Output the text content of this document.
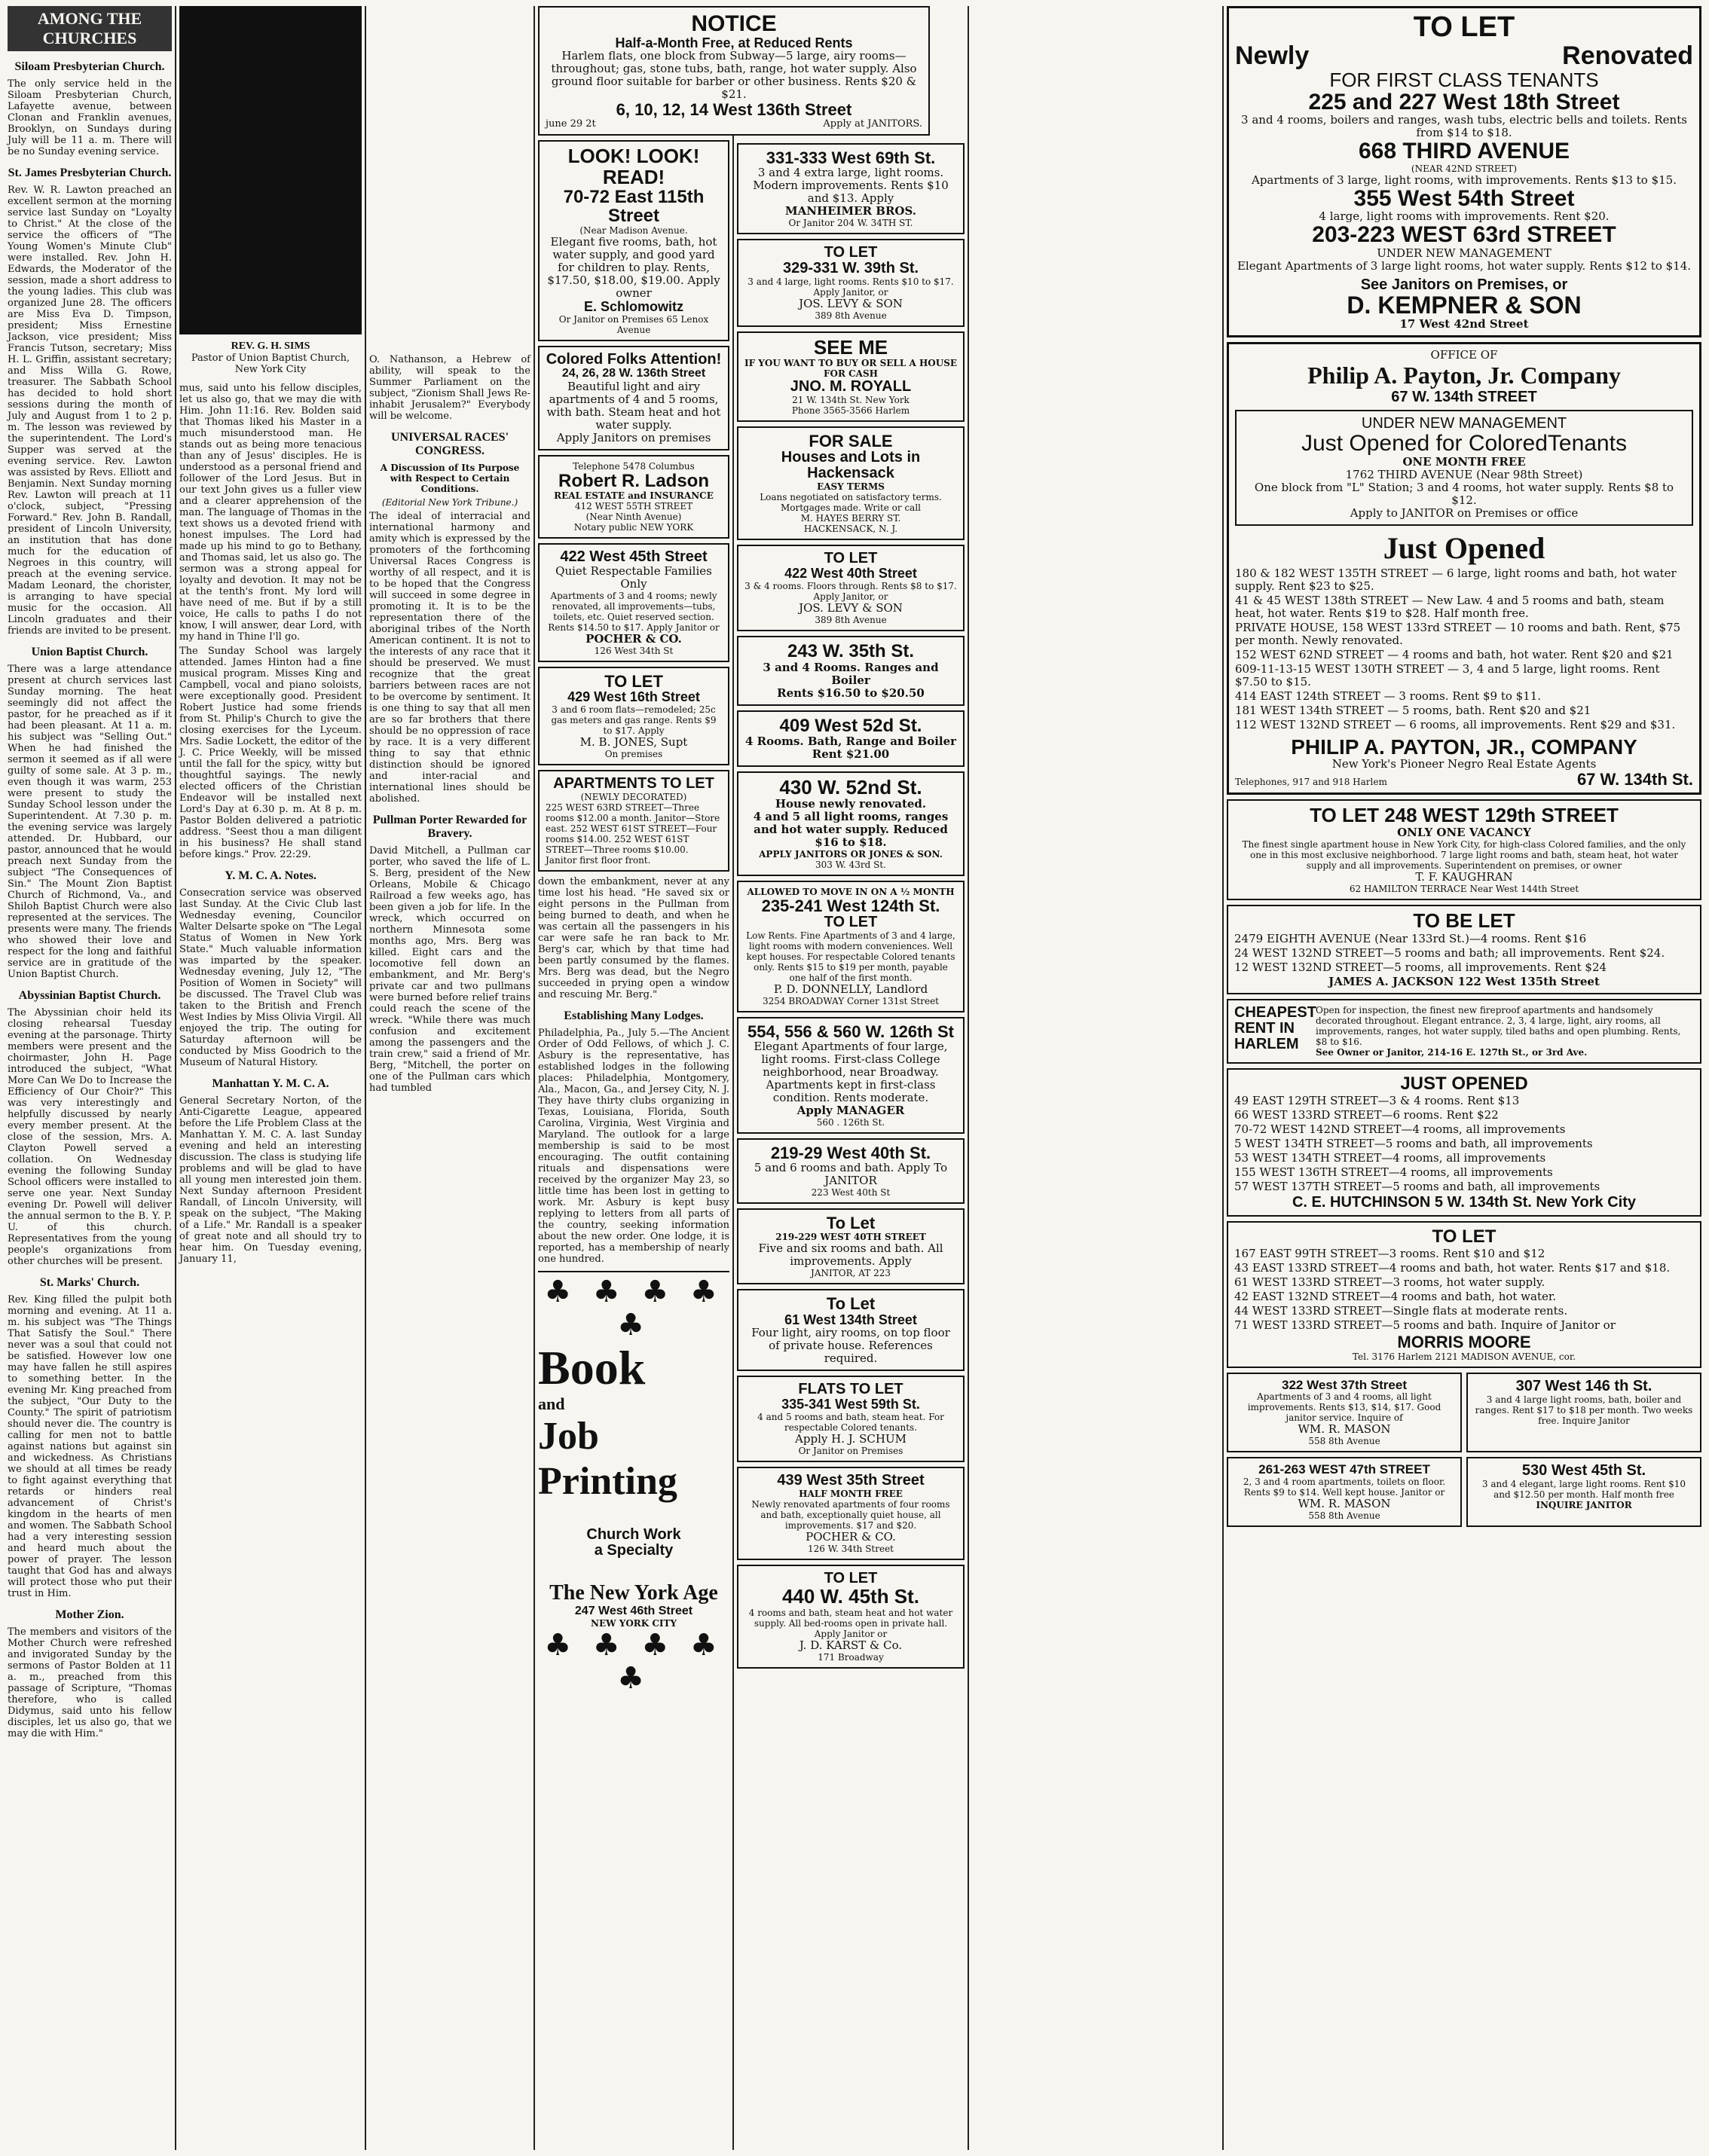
AMONG THE CHURCHES
Siloam Presbyterian Church.

The only service held in the Siloam Presbyterian Church, Lafayette avenue, between Clonan and Franklin avenues, Brooklyn, on Sundays during July will be 11 a. m. There will be no Sunday evening service.

St. James Presbyterian Church.

Rev. W. R. Lawton preached an excellent sermon at the morning service last Sunday on "Loyalty to Christ." At the close of the service the officers of "The Young Women's Minute Club" were installed. Rev. John H. Edwards, the Moderator of the session, made a short address to the young ladies. This club was organized June 28. The officers are Miss Eva D. Timpson, president; Miss Ernestine Jackson, vice president; Miss Francis Tutson, secretary; Miss H. L. Griffin, assistant secretary; and Miss Willa G. Rowe, treasurer. The Sabbath School has decided to hold short sessions during the month of July and August from 1 to 2 p. m. The lesson was reviewed by the superintendent. The Lord's Supper was served at the evening service. Rev. Lawton was assisted by Revs. Elliott and Benjamin. Next Sunday morning Rev. Lawton will preach at 11 o'clock, subject, "Pressing Forward." Rev. John B. Randall, president of Lincoln University, an institution that has done much for the education of Negroes in this country, will preach at the evening service. Madam Leonard, the chorister, is arranging to have special music for the occasion. All Lincoln graduates and their friends are invited to be present.

Union Baptist Church.

There was a large attendance present at church services last Sunday morning. The heat seemingly did not affect the pastor, for he preached as if it had been pleasant. At 11 a. m. his subject was "Selling Out." When he had finished the sermon it seemed as if all were guilty of some sale. At 3 p. m., even though it was warm, 253 were present to study the Sunday School lesson under the Superintendent. At 7.30 p. m. the evening service was largely attended. Dr. Hubbard, our pastor, announced that he would preach next Sunday from the subject "The Consequences of Sin." The Mount Zion Baptist Church of Richmond, Va., and Shiloh Baptist Church were also represented at the services. The presents were many. The friends who showed their love and respect for the long and faithful service are in gratitude of the Union Baptist Church.

Abyssinian Baptist Church.

The Abyssinian choir held its closing rehearsal Tuesday evening at the parsonage. Thirty members were present and the choirmaster, John H. Page introduced the subject, "What More Can We Do to Increase the Efficiency of Our Choir?" This was very interestingly and helpfully discussed by nearly every member present. At the close of the session, Mrs. A. Clayton Powell served a collation. On Wednesday evening the following Sunday School officers were installed to serve one year. Next Sunday evening Dr. Powell will deliver the annual sermon to the B. Y. P. U. of this church. Representatives from the young people's organizations from other churches will be present.

St. Marks' Church.

Rev. King filled the pulpit both morning and evening. At 11 a. m. his subject was "The Things That Satisfy the Soul." There never was a soul that could not be satisfied. However low one may have fallen he still aspires to something better. In the evening Mr. King preached from the subject, "Our Duty to the County." The spirit of patriotism should never die. The country is calling for men not to battle against nations but against sin and wickedness. As Christians we should at all times be ready to fight against everything that retards or hinders real advancement of Christ's kingdom in the hearts of men and women. The Sabbath School had a very interesting session and heard much about the power of prayer. The lesson taught that God has and always will protect those who put their trust in Him.

Mother Zion.

The members and visitors of the Mother Church were refreshed and invigorated Sunday by the sermons of Pastor Bolden at 11 a. m., preached from this passage of Scripture, "Thomas therefore, who is called Didymus, said unto his fellow disciples, let us also go, that we may die with Him."

REV. G. H. SIMS
Pastor of Union Baptist Church, New York City

mus, said unto his fellow disciples, let us also go, that we may die with Him. John 11:16. Rev. Bolden said that Thomas liked his Master in a much misunderstood man. He stands out as being more tenacious than any of Jesus' disciples. He is understood as a personal friend and follower of the Lord Jesus. But in our text John gives us a fuller view and a clearer apprehension of the man. The language of Thomas in the text shows us a devoted friend with honest impulses. The Lord had made up his mind to go to Bethany, and Thomas said, let us also go. The sermon was a strong appeal for loyalty and devotion. It may not be at the tenth's front. My lord will have need of me. But if by a still voice, He calls to paths I do not know, I will answer, dear Lord, with my hand in Thine I'll go.

The Sunday School was largely attended. James Hinton had a fine musical program. Misses King and Campbell, vocal and piano soloists, were exceptionally good. President Robert Justice had some friends from St. Philip's Church to give the closing exercises for the Lyceum. Mrs. Sadie Lockett, the editor of the J. C. Price Weekly, will be missed until the fall for the spicy, witty but thoughtful sayings. The newly elected officers of the Christian Endeavor will be installed next Lord's Day at 6.30 p. m. At 8 p. m. Pastor Bolden delivered a patriotic address. "Seest thou a man diligent in his business? He shall stand before kings." Prov. 22:29.

Y. M. C. A. Notes.

Consecration service was observed last Sunday. At the Civic Club last Wednesday evening, Councilor Walter Delsarte spoke on "The Legal Status of Women in New York State." Much valuable information was imparted by the speaker. Wednesday evening, July 12, "The Position of Women in Society" will be discussed. The Travel Club was taken to the British and French West Indies by Miss Olivia Virgil. All enjoyed the trip. The outing for Saturday afternoon will be conducted by Miss Goodrich to the Museum of Natural History.

Manhattan Y. M. C. A.

General Secretary Norton, of the Anti-Cigarette League, appeared before the Life Problem Class at the Manhattan Y. M. C. A. last Sunday evening and held an interesting discussion. The class is studying life problems and will be glad to have all young men interested join them. Next Sunday afternoon President Randall, of Lincoln University, will speak on the subject, "The Making of a Life." Mr. Randall is a speaker of great note and all should try to hear him. On Tuesday evening, January 11,

O. Nathanson, a Hebrew of ability, will speak to the Summer Parliament on the subject, "Zionism Shall Jews Re-inhabit Jerusalem?" Everybody will be welcome.

UNIVERSAL RACES' CONGRESS.
A Discussion of Its Purpose with Respect to Certain Conditions.
(Editorial New York Tribune.)

The ideal of interracial and international harmony and amity which is expressed by the promoters of the forthcoming Universal Races Congress is worthy of all respect, and it is to be hoped that the Congress will succeed in some degree in promoting it. It is to be the representation there of the aboriginal tribes of the North American continent. It is not to the interests of any race that it should be preserved. We must recognize that the great barriers between races are not to be overcome by sentiment. It is one thing to say that all men are so far brothers that there should be no oppression of race by race. It is a very different thing to say that ethnic distinction should be ignored and inter-racial and international lines should be abolished.

Pullman Porter Rewarded for Bravery.

David Mitchell, a Pullman car porter, who saved the life of L. S. Berg, president of the New Orleans, Mobile & Chicago Railroad a few weeks ago, has been given a job for life. In the wreck, which occurred on northern Minnesota some months ago, Mrs. Berg was killed. Eight cars and the locomotive fell down an embankment, and Mr. Berg's private car and two pullmans were burned before relief trains could reach the scene of the wreck. "While there was much confusion and excitement among the passengers and the train crew," said a friend of Mr. Berg, "Mitchell, the porter on one of the Pullman cars which had tumbled

NOTICE
Half-a-Month Free, at Reduced Rents
Harlem flats, one block from Subway—5 large, airy rooms—throughout; gas, stone tubs, bath, range, hot water supply. Also ground floor suitable for barber or other business. Rents $20 & $21.
6, 10, 12, 14 West 136th Street
june 29 2t	Apply at JANITORS.
LOOK! LOOK! READ!
70-72 East 115th Street
(Near Madison Avenue.
Elegant five rooms, bath, hot water supply, and good yard for children to play. Rents, $17.50, $18.00, $19.00. Apply owner
E. Schlomowitz
Or Janitor on Premises 65 Lenox Avenue
Colored Folks Attention!
24, 26, 28 W. 136th Street
Beautiful light and airy apartments of 4 and 5 rooms, with bath. Steam heat and hot water supply.
Apply Janitors on premises
Telephone 5478 Columbus
Robert R. Ladson
REAL ESTATE and INSURANCE
412 WEST 55TH STREET
(Near Ninth Avenue)
Notary public NEW YORK
422 West 45th Street
Quiet Respectable Families Only
Apartments of 3 and 4 rooms; newly renovated, all improvements—tubs, toilets, etc. Quiet reserved section. Rents $14.50 to $17. Apply Janitor or
POCHER & CO.
126 West 34th St
TO LET
429 West 16th Street
3 and 6 room flats—remodeled; 25c gas meters and gas range. Rents $9 to $17. Apply
M. B. JONES, Supt
On premises
APARTMENTS TO LET
(NEWLY DECORATED)
225 WEST 63RD STREET—Three rooms $12.00 a month. Janitor—Store east. 252 WEST 61ST STREET—Four rooms $14.00. 252 WEST 61ST STREET—Three rooms $10.00. Janitor first floor front.

down the embankment, never at any time lost his head. "He saved six or eight persons in the Pullman from being burned to death, and when he was certain all the passengers in his car were safe he ran back to Mr. Berg's car, which by that time had been partly consumed by the flames. Mrs. Berg was dead, but the Negro succeeded in prying open a window and rescuing Mr. Berg."

Establishing Many Lodges.

Philadelphia, Pa., July 5.—The Ancient Order of Odd Fellows, of which J. C. Asbury is the representative, has established lodges in the following places: Philadelphia, Montgomery, Ala., Macon, Ga., and Jersey City, N. J. They have thirty clubs organizing in Texas, Louisiana, Florida, South Carolina, Virginia, West Virginia and Maryland. The outlook for a large membership is said to be most encouraging. The outfit containing rituals and dispensations were received by the organizer May 23, so little time has been lost in getting to work. Mr. Asbury is kept busy replying to letters from all parts of the country, seeking information about the new order. One lodge, it is reported, has a membership of nearly one hundred.

♣ ♣ ♣ ♣ ♣
Book
and
Job Printing
Church Work
a Specialty
The New York Age
247 West 46th Street
NEW YORK CITY
♣ ♣ ♣ ♣ ♣
331-333 West 69th St.
3 and 4 extra large, light rooms. Modern improvements. Rents $10 and $13. Apply
MANHEIMER BROS.
Or Janitor 204 W. 34TH ST.
TO LET
329-331 W. 39th St.
3 and 4 large, light rooms. Rents $10 to $17. Apply Janitor, or
JOS. LEVY & SON
389 8th Avenue
SEE ME
IF YOU WANT TO BUY OR SELL A HOUSE FOR CASH
JNO. M. ROYALL
21 W. 134th St. New York
Phone 3565-3566 Harlem
FOR SALE
Houses and Lots in Hackensack
EASY TERMS
Loans negotiated on satisfactory terms. Mortgages made. Write or call
M. HAYES BERRY ST.
HACKENSACK, N. J.
TO LET
422 West 40th Street
3 & 4 rooms. Floors through. Rents $8 to $17. Apply Janitor, or
JOS. LEVY & SON
389 8th Avenue
243 W. 35th St.
3 and 4 Rooms. Ranges and Boiler
Rents $16.50 to $20.50
409 West 52d St.
4 Rooms. Bath, Range and Boiler
Rent $21.00
430 W. 52nd St.
House newly renovated.
4 and 5 all light rooms, ranges and hot water supply. Reduced $16 to $18.
APPLY JANITORS OR JONES & SON.
303 W. 43rd St.
ALLOWED TO MOVE IN ON A ½ MONTH
235-241 West 124th St.
TO LET
Low Rents. Fine Apartments of 3 and 4 large, light rooms with modern conveniences. Well kept houses. For respectable Colored tenants only. Rents $15 to $19 per month, payable one half of the first month.
P. D. DONNELLY, Landlord
3254 BROADWAY Corner 131st Street
554, 556 & 560 W. 126th St
Elegant Apartments of four large, light rooms. First-class College neighborhood, near Broadway. Apartments kept in first-class condition. Rents moderate.
Apply MANAGER
560 . 126th St.
219-29 West 40th St.
5 and 6 rooms and bath. Apply To JANITOR
223 West 40th St
To Let
219-229 WEST 40TH STREET
Five and six rooms and bath. All improvements. Apply
JANITOR, AT 223
To Let
61 West 134th Street
Four light, airy rooms, on top floor of private house. References required.
FLATS TO LET
335-341 West 59th St.
4 and 5 rooms and bath, steam heat. For respectable Colored tenants.
Apply H. J. SCHUM
Or Janitor on Premises
439 West 35th Street
HALF MONTH FREE
Newly renovated apartments of four rooms and bath, exceptionally quiet house, all improvements. $17 and $20.
POCHER & CO.
126 W. 34th Street
TO LET
440 W. 45th St.
4 rooms and bath, steam heat and hot water supply. All bed-rooms open in private hall. Apply Janitor or
J. D. KARST & Co.
171 Broadway
TO LET
Newly	Renovated
FOR FIRST CLASS TENANTS
225 and 227 West 18th Street
3 and 4 rooms, boilers and ranges, wash tubs, electric bells and toilets. Rents from $14 to $18.
668 THIRD AVENUE
(NEAR 42ND STREET)
Apartments of 3 large, light rooms, with improvements. Rents $13 to $15.
355 West 54th Street
4 large, light rooms with improvements. Rent $20.
203-223 WEST 63rd STREET
UNDER NEW MANAGEMENT
Elegant Apartments of 3 large light rooms, hot water supply. Rents $12 to $14.
See Janitors on Premises, or
D. KEMPNER & SON
17 West 42nd Street
OFFICE OF
Philip A. Payton, Jr. Company
67 W. 134th STREET
UNDER NEW MANAGEMENT
Just Opened for ColoredTenants
ONE MONTH FREE
1762 THIRD AVENUE (Near 98th Street)
One block from "L" Station; 3 and 4 rooms, hot water supply. Rents $8 to $12.
Apply to JANITOR on Premises or office
Just Opened
180 & 182 WEST 135TH STREET — 6 large, light rooms and bath, hot water supply. Rent $23 to $25.
41 & 45 WEST 138th STREET — New Law. 4 and 5 rooms and bath, steam heat, hot water. Rents $19 to $28. Half month free.
PRIVATE HOUSE, 158 WEST 133rd STREET — 10 rooms and bath. Rent, $75 per month. Newly renovated.
152 WEST 62ND STREET — 4 rooms and bath, hot water. Rent $20 and $21
609-11-13-15 WEST 130TH STREET — 3, 4 and 5 large, light rooms. Rent $7.50 to $15.
414 EAST 124th STREET — 3 rooms. Rent $9 to $11.
181 WEST 134th STREET — 5 rooms, bath. Rent $20 and $21
112 WEST 132ND STREET — 6 rooms, all improvements. Rent $29 and $31.
PHILIP A. PAYTON, JR., COMPANY
New York's Pioneer Negro Real Estate Agents
Telephones, 917 and 918 Harlem	67 W. 134th St.
TO LET 248 WEST 129th STREET
ONLY ONE VACANCY
The finest single apartment house in New York City, for high-class Colored families, and the only one in this most exclusive neighborhood. 7 large light rooms and bath, steam heat, hot water supply and all improvements. Superintendent on premises, or owner
T. F. KAUGHRAN
62 HAMILTON TERRACE Near West 144th Street
TO BE LET
2479 EIGHTH AVENUE (Near 133rd St.)—4 rooms. Rent $16
24 WEST 132ND STREET—5 rooms and bath; all improvements. Rent $24.
12 WEST 132ND STREET—5 rooms, all improvements. Rent $24
JAMES A. JACKSON 122 West 135th Street
CHEAPEST RENT IN HARLEM
Open for inspection, the finest new fireproof apartments and handsomely decorated throughout. Elegant entrance. 2, 3, 4 large, light, airy rooms, all improvements, ranges, hot water supply, tiled baths and open plumbing. Rents, $8 to $16.
See Owner or Janitor, 214-16 E. 127th St., or 3rd Ave.
JUST OPENED
49 EAST 129TH STREET—3 & 4 rooms. Rent $13
66 WEST 133RD STREET—6 rooms. Rent $22
70-72 WEST 142ND STREET—4 rooms, all improvements
5 WEST 134TH STREET—5 rooms and bath, all improvements
53 WEST 134TH STREET—4 rooms, all improvements
155 WEST 136TH STREET—4 rooms, all improvements
57 WEST 137TH STREET—5 rooms and bath, all improvements
C. E. HUTCHINSON 5 W. 134th St. New York City
TO LET
167 EAST 99TH STREET—3 rooms. Rent $10 and $12
43 EAST 133RD STREET—4 rooms and bath, hot water. Rents $17 and $18.
61 WEST 133RD STREET—3 rooms, hot water supply.
42 EAST 132ND STREET—4 rooms and bath, hot water.
44 WEST 133RD STREET—Single flats at moderate rents.
71 WEST 133RD STREET—5 rooms and bath. Inquire of Janitor or
MORRIS MOORE
Tel. 3176 Harlem 2121 MADISON AVENUE, cor.
322 West 37th Street
Apartments of 3 and 4 rooms, all light improvements. Rents $13, $14, $17. Good janitor service. Inquire of
WM. R. MASON
558 8th Avenue
307 West 146 th St.
3 and 4 large light rooms, bath, boiler and ranges. Rent $17 to $18 per month. Two weeks free. Inquire Janitor
261-263 WEST 47th STREET
2, 3 and 4 room apartments, toilets on floor. Rents $9 to $14. Well kept house. Janitor or
WM. R. MASON
558 8th Avenue
530 West 45th St.
3 and 4 elegant, large light rooms. Rent $10 and $12.50 per month. Half month free
INQUIRE JANITOR
